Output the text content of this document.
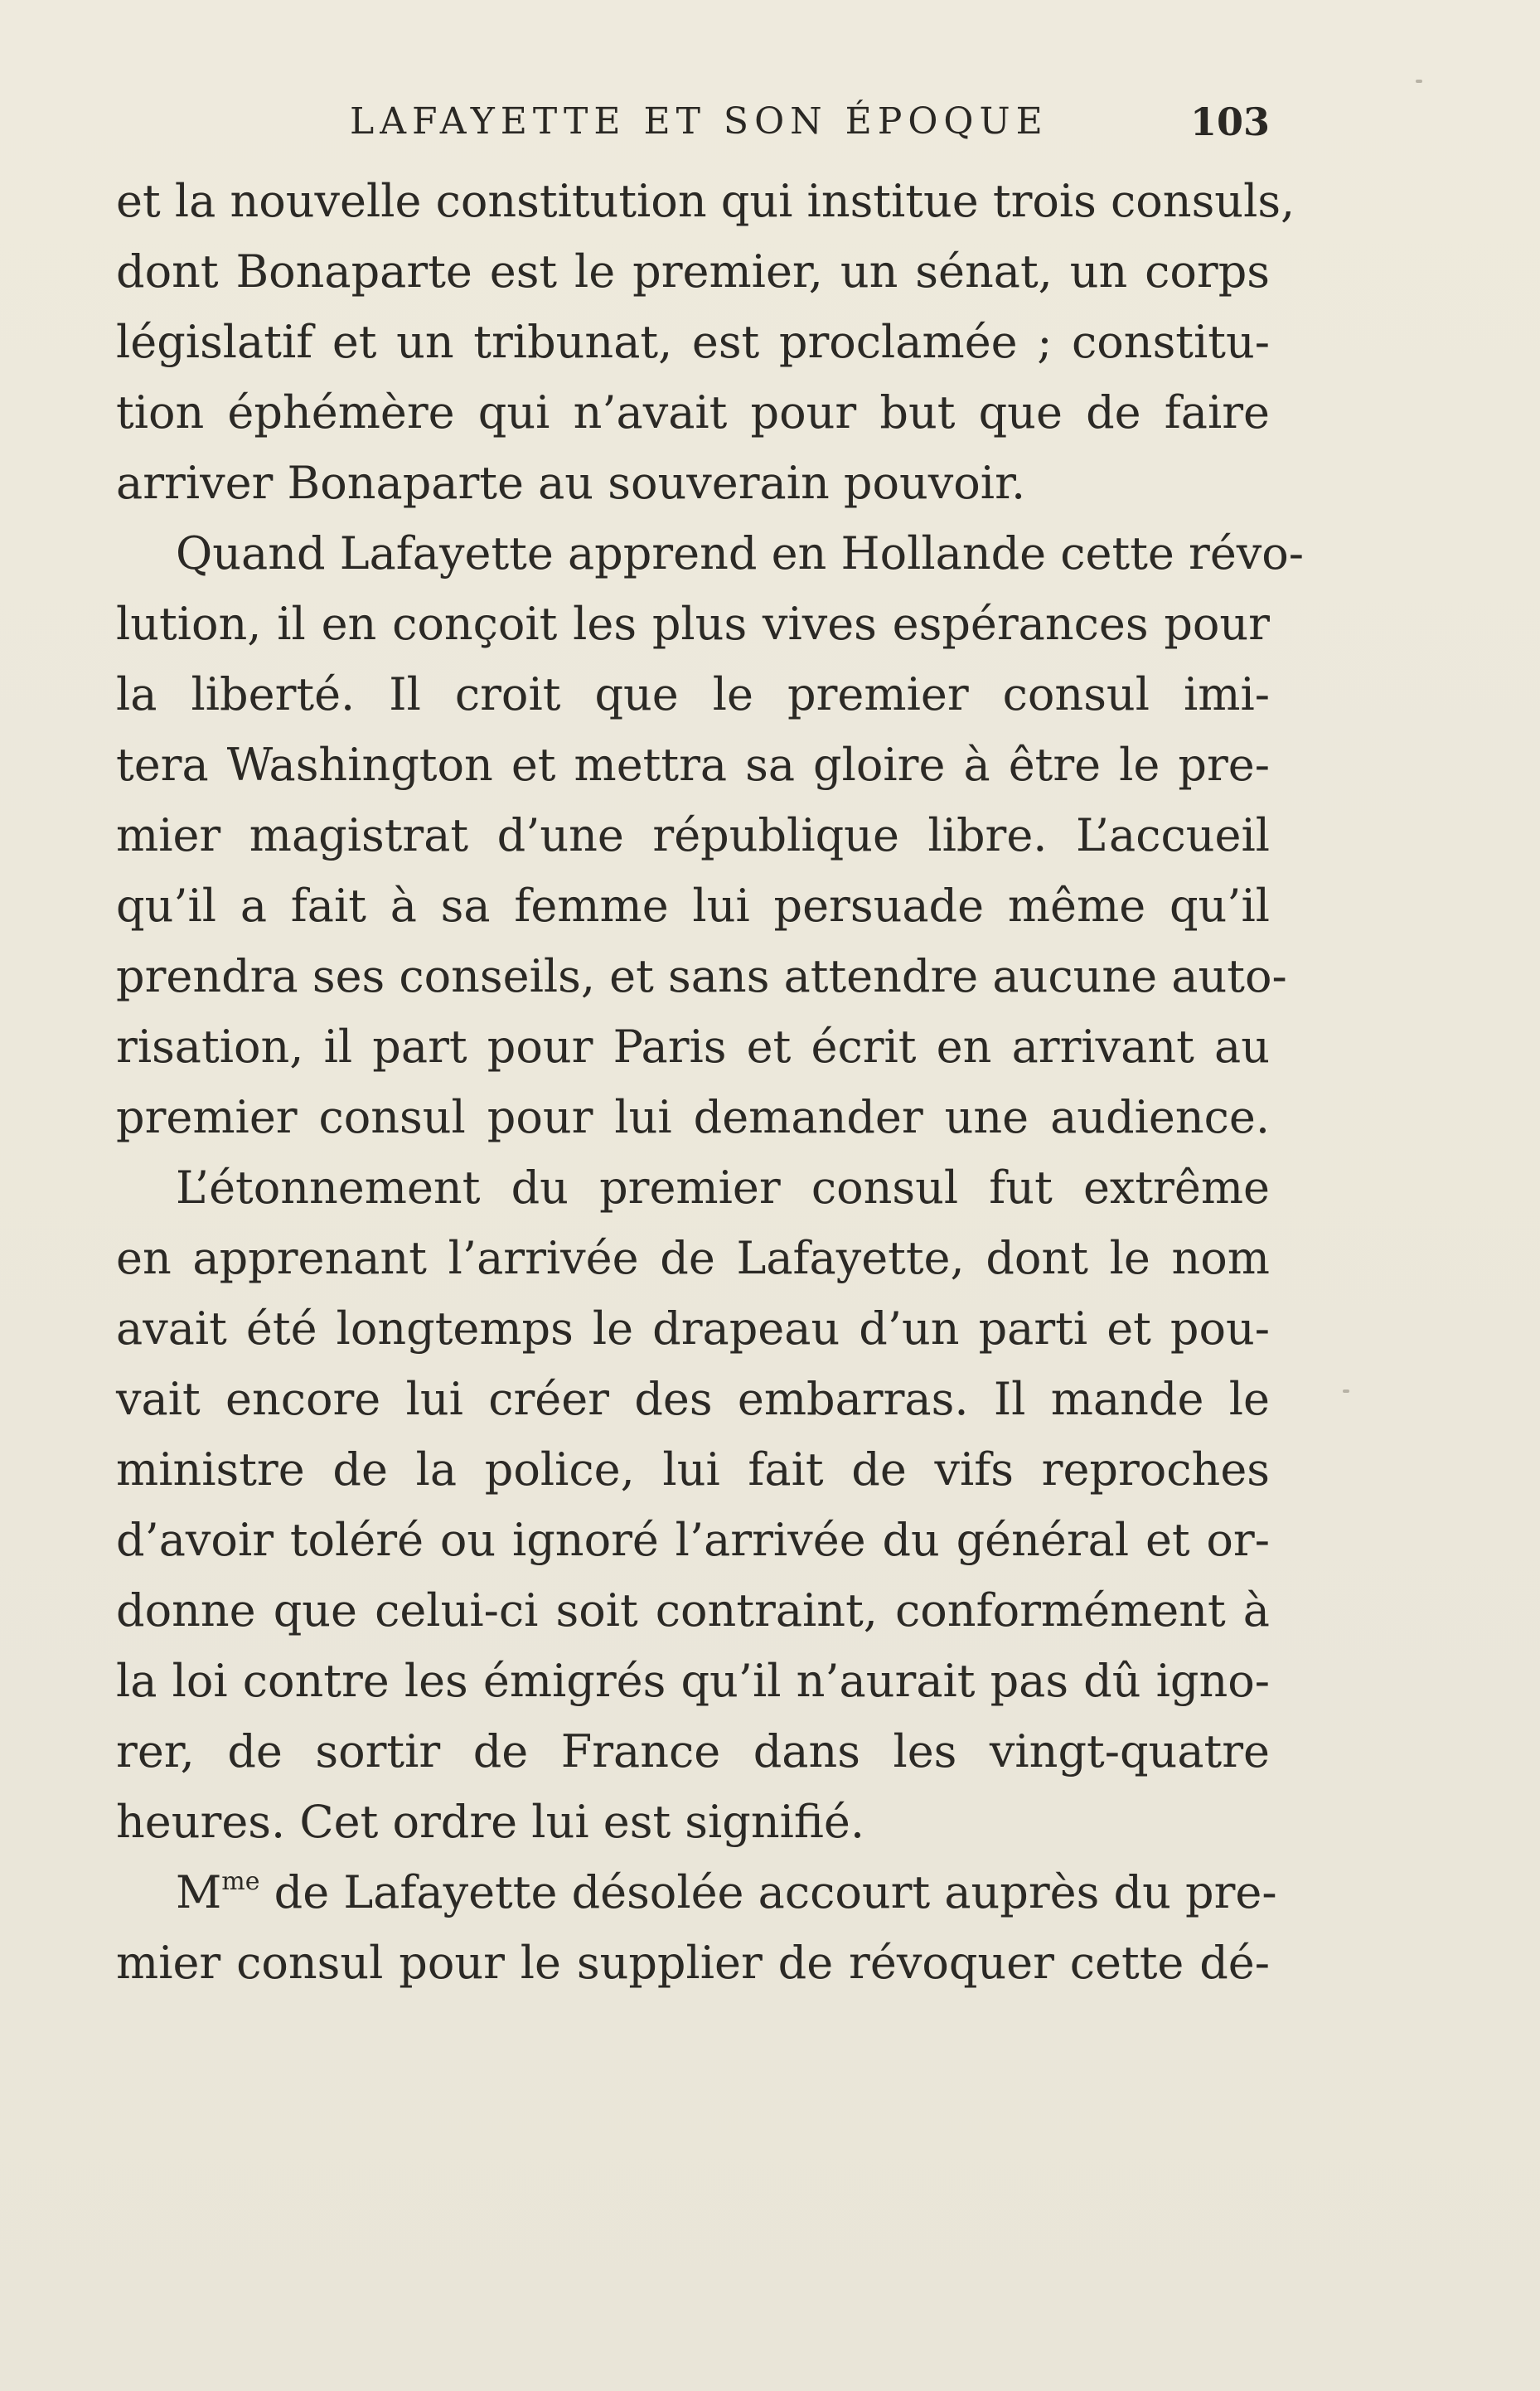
LAFAYETTE ET SON ÉPOQUE	103
et la nouvelle constitution qui institue trois consuls,
dont Bonaparte est le premier, un sénat, un corps
législatif et un tribunat, est proclamée ; constitu-
tion éphémère qui n’avait pour but que de faire
arriver Bonaparte au souverain pouvoir.
Quand Lafayette apprend en Hollande cette révo-
lution, il en conçoit les plus vives espérances pour
la liberté. Il croit que le premier consul imi-
tera Washington et mettra sa gloire à être le pre-
mier magistrat d’une république libre. L’accueil
qu’il a fait à sa femme lui persuade même qu’il
prendra ses conseils, et sans attendre aucune auto-
risation, il part pour Paris et écrit en arrivant au
premier consul pour lui demander une audience.
L’étonnement du premier consul fut extrême
en apprenant l’arrivée de Lafayette, dont le nom
avait été longtemps le drapeau d’un parti et pou-
vait encore lui créer des embarras. Il mande le
ministre de la police, lui fait de vifs reproches
d’avoir toléré ou ignoré l’arrivée du général et or-
donne que celui-ci soit contraint, conformément à
la loi contre les émigrés qu’il n’aurait pas dû igno-
rer, de sortir de France dans les vingt-quatre
heures. Cet ordre lui est signifié.
$M^{me}$ de Lafayette désolée accourt auprès du pre-
mier consul pour le supplier de révoquer cette dé-
